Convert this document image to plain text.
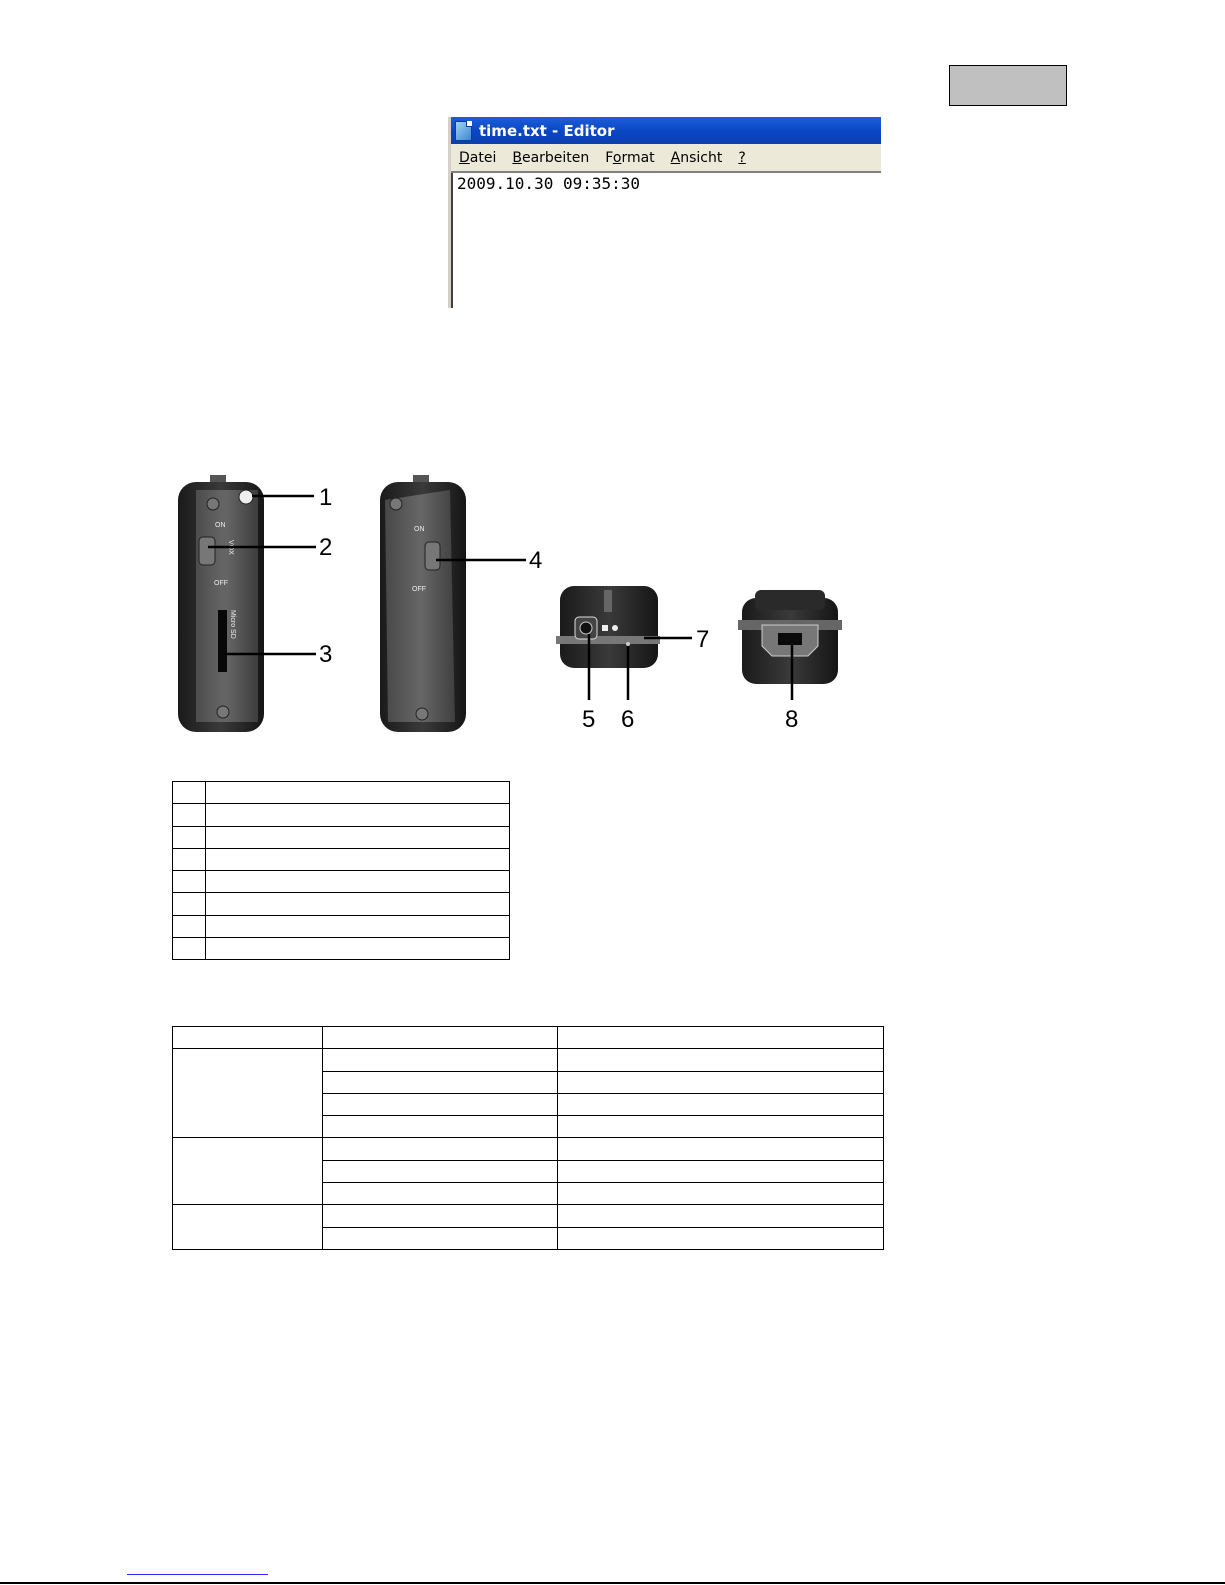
time.txt - Editor
Datei Bearbeiten Format Ansicht ?
2009.10.30 09:35:30
ON
VOX
OFF
Micro SD
ON
OFF
1
2
3
4
5 6
7
8
